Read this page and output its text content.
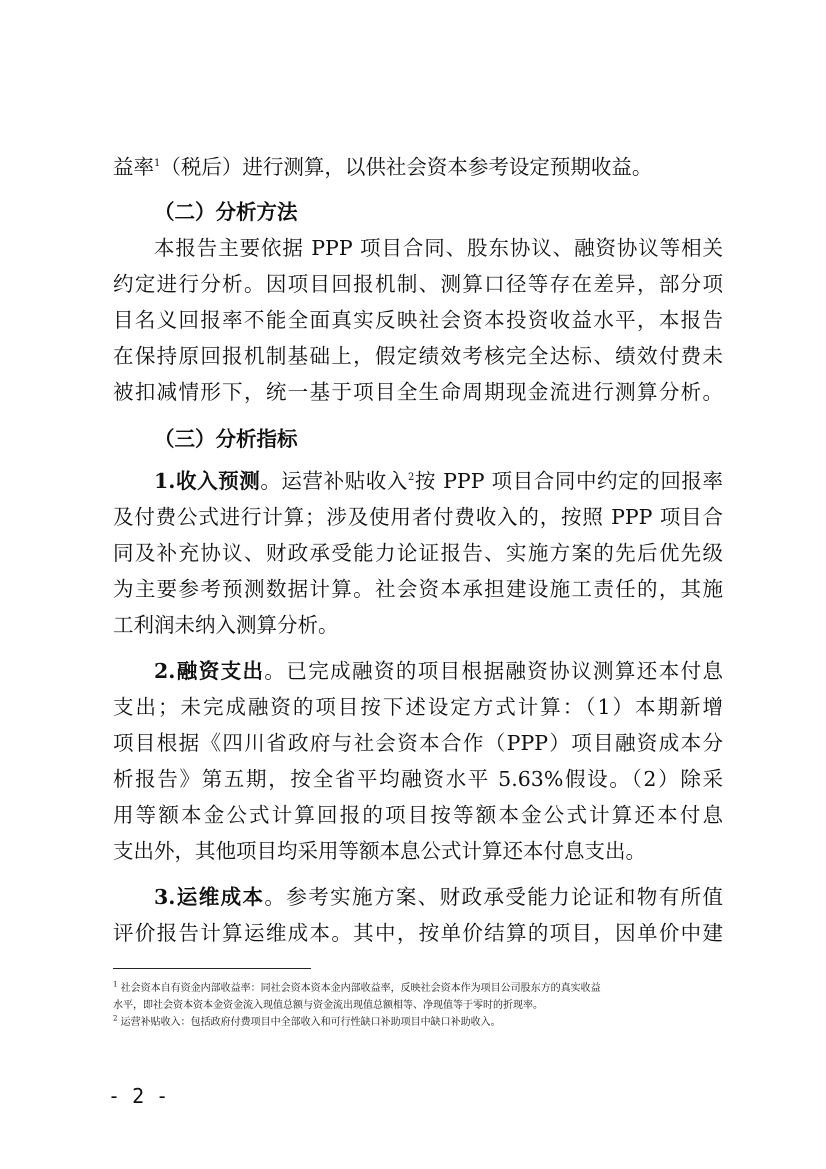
益率$^1$（税后）进行测算，以供社会资本参考设定预期收益。
（二）分析方法
本报告主要依据 PPP 项目合同、股东协议、融资协议等相关
约定进行分析。因项目回报机制、测算口径等存在差异，部分项
目名义回报率不能全面真实反映社会资本投资收益水平，本报告
在保持原回报机制基础上，假定绩效考核完全达标、绩效付费未
被扣减情形下，统一基于项目全生命周期现金流进行测算分析。
（三）分析指标
1.收入预测。运营补贴收入$^2$按 PPP 项目合同中约定的回报率
及付费公式进行计算；涉及使用者付费收入的，按照 PPP 项目合
同及补充协议、财政承受能力论证报告、实施方案的先后优先级
为主要参考预测数据计算。社会资本承担建设施工责任的，其施
工利润未纳入测算分析。
2.融资支出。已完成融资的项目根据融资协议测算还本付息
支出；未完成融资的项目按下述设定方式计算：（1）本期新增
项目根据《四川省政府与社会资本合作（PPP）项目融资成本分
析报告》第五期，按全省平均融资水平 5.63%假设。（2）除采
用等额本金公式计算回报的项目按等额本金公式计算还本付息
支出外，其他项目均采用等额本息公式计算还本付息支出。
3.运维成本。参考实施方案、财政承受能力论证和物有所值
评价报告计算运维成本。其中，按单价结算的项目，因单价中建
$^1$ 社会资本自有资金内部收益率：同社会资本资本金内部收益率，反映社会资本作为项目公司股东方的真实收益
水平，即社会资本资本金资金流入现值总额与资金流出现值总额相等、净现值等于零时的折现率。
$^2$ 运营补贴收入：包括政府付费项目中全部收入和可行性缺口补助项目中缺口补助收入。
- 2 -
